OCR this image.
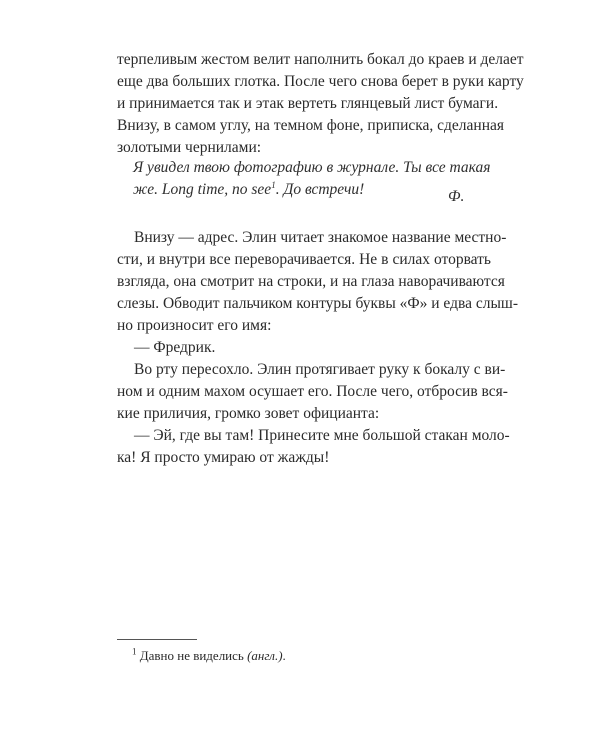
терпеливым жестом велит наполнить бокал до краев и делает
еще два больших глотка. После чего снова берет в руки карту
и принимается так и этак вертеть глянцевый лист бумаги.
Внизу, в самом углу, на темном фоне, приписка, сделанная
золотыми чернилами:
Я увидел твою фотографию в журнале. Ты все такая
же. Long time, no see$^1$. До встречи!	Ф.
Внизу — адрес. Элин читает знакомое название местно-
сти, и внутри все переворачивается. Не в силах оторвать
взгляда, она смотрит на строки, и на глаза наворачиваются
слезы. Обводит пальчиком контуры буквы «Ф» и едва слыш-
но произносит его имя:
— Фредрик.
Во рту пересохло. Элин протягивает руку к бокалу с ви-
ном и одним махом осушает его. После чего, отбросив вся-
кие приличия, громко зовет официанта:
— Эй, где вы там! Принесите мне большой стакан моло-
ка! Я просто умираю от жажды!
$^1$ Давно не виделись (англ.).
